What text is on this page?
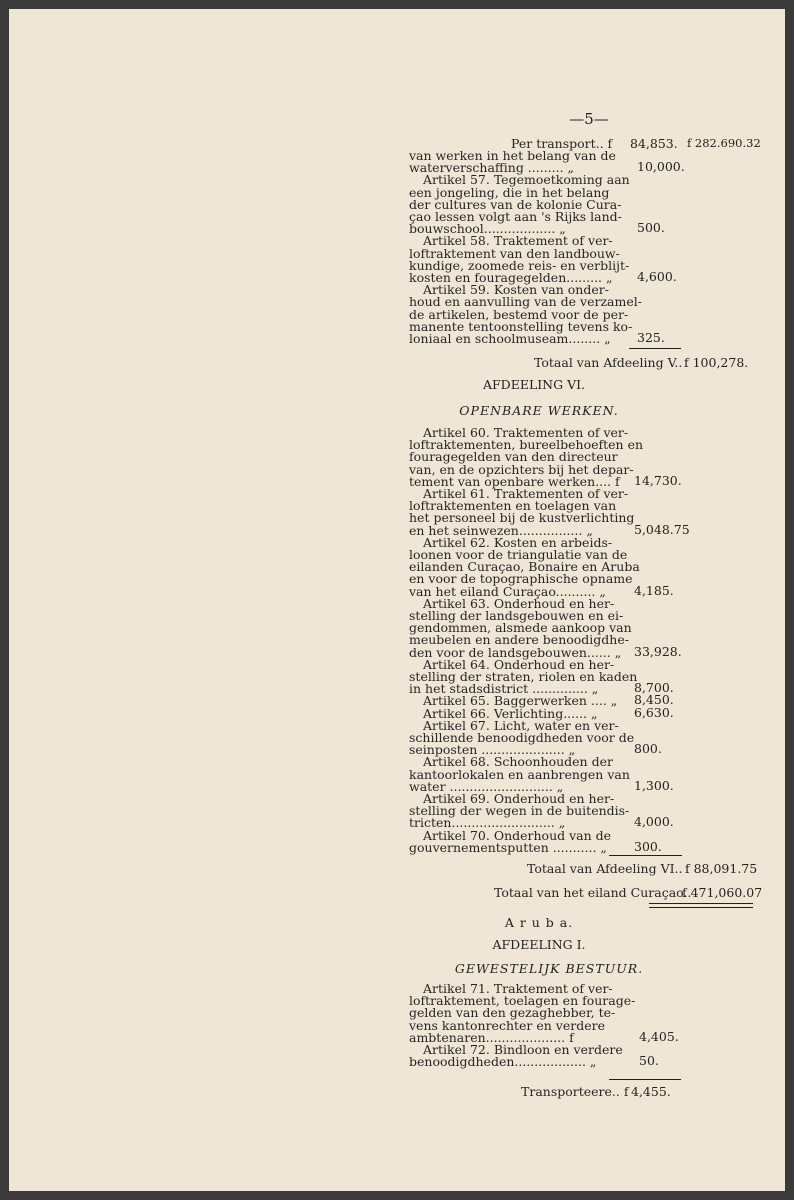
—5—
Per transport.. f 84,853. f 282.690.32
van werken in het belang van de
waterverschaffing ......... „	10,000.
Artikel 57. Tegemoetkoming aan
een jongeling, die in het belang
der cultures van de kolonie Cura-
çao lessen volgt aan 's Rijks land-
bouwschool.................. „	500.
Artikel 58. Traktement of ver-
loftraktement van den landbouw-
kundige, zoomede reis- en verblijt-
kosten en fouragegelden......... „ 4,600.
Artikel 59. Kosten van onder-
houd en aanvulling van de verzamel-
de artikelen, bestemd voor de per-
manente tentoonstelling tevens ko-
loniaal en schoolmuseam........ „ 325.
Totaal van Afdeeling V.. f 100,278.
AFDEELING VI.
OPENBARE WERKEN.
Artikel 60. Traktementen of ver-
loftraktementen, bureelbehoeften en
fouragegelden van den directeur
van, en de opzichters bij het depar-
tement van openbare werken.... f 14,730.
Artikel 61. Traktementen of ver-
loftraktementen en toelagen van
het personeel bij de kustverlichting
en het seinwezen................ „	5,048.75
Artikel 62. Kosten en arbeids-
loonen voor de triangulatie van de
eilanden Curaçao, Bonaire en Aruba
en voor de topographische opname
van het eiland Curaçao.......... „ 4,185.
Artikel 63. Onderhoud en her-
stelling der landsgebouwen en ei-
gendommen, alsmede aankoop van
meubelen en andere benoodigdhe-
den voor de landsgebouwen...... „ 33,928.
Artikel 64. Onderhoud en her-
stelling der straten, riolen en kaden
in het stadsdistrict .............. „	8,700.
Artikel 65. Baggerwerken .... „ 8,450.
Artikel 66. Verlichting...... „	6,630.
Artikel 67. Licht, water en ver-
schillende benoodigdheden voor de
seinposten ..................... „	800.
Artikel 68. Schoonhouden der
kantoorlokalen en aanbrengen van
water .......................... „	1,300.
Artikel 69. Onderhoud en her-
stelling der wegen in de buitendis-
tricten.......................... „	4,000.
Artikel 70. Onderhoud van de
gouvernementsputten ........... „ 300.
Totaal van Afdeeling VI.. f 88,091.75
Totaal van het eiland Curaçao..
f 471,060.07
A r u b a.
AFDEELING I.
GEWESTELIJK BESTUUR.
Artikel 71. Traktement of ver-
loftraktement, toelagen en fourage-
gelden van den gezaghebber, te-
vens kantonrechter en verdere
ambtenaren.................... f	4,405.
Artikel 72. Bindloon en verdere
benoodigdheden.................. „	50.
Transporteere.. f 4,455.
